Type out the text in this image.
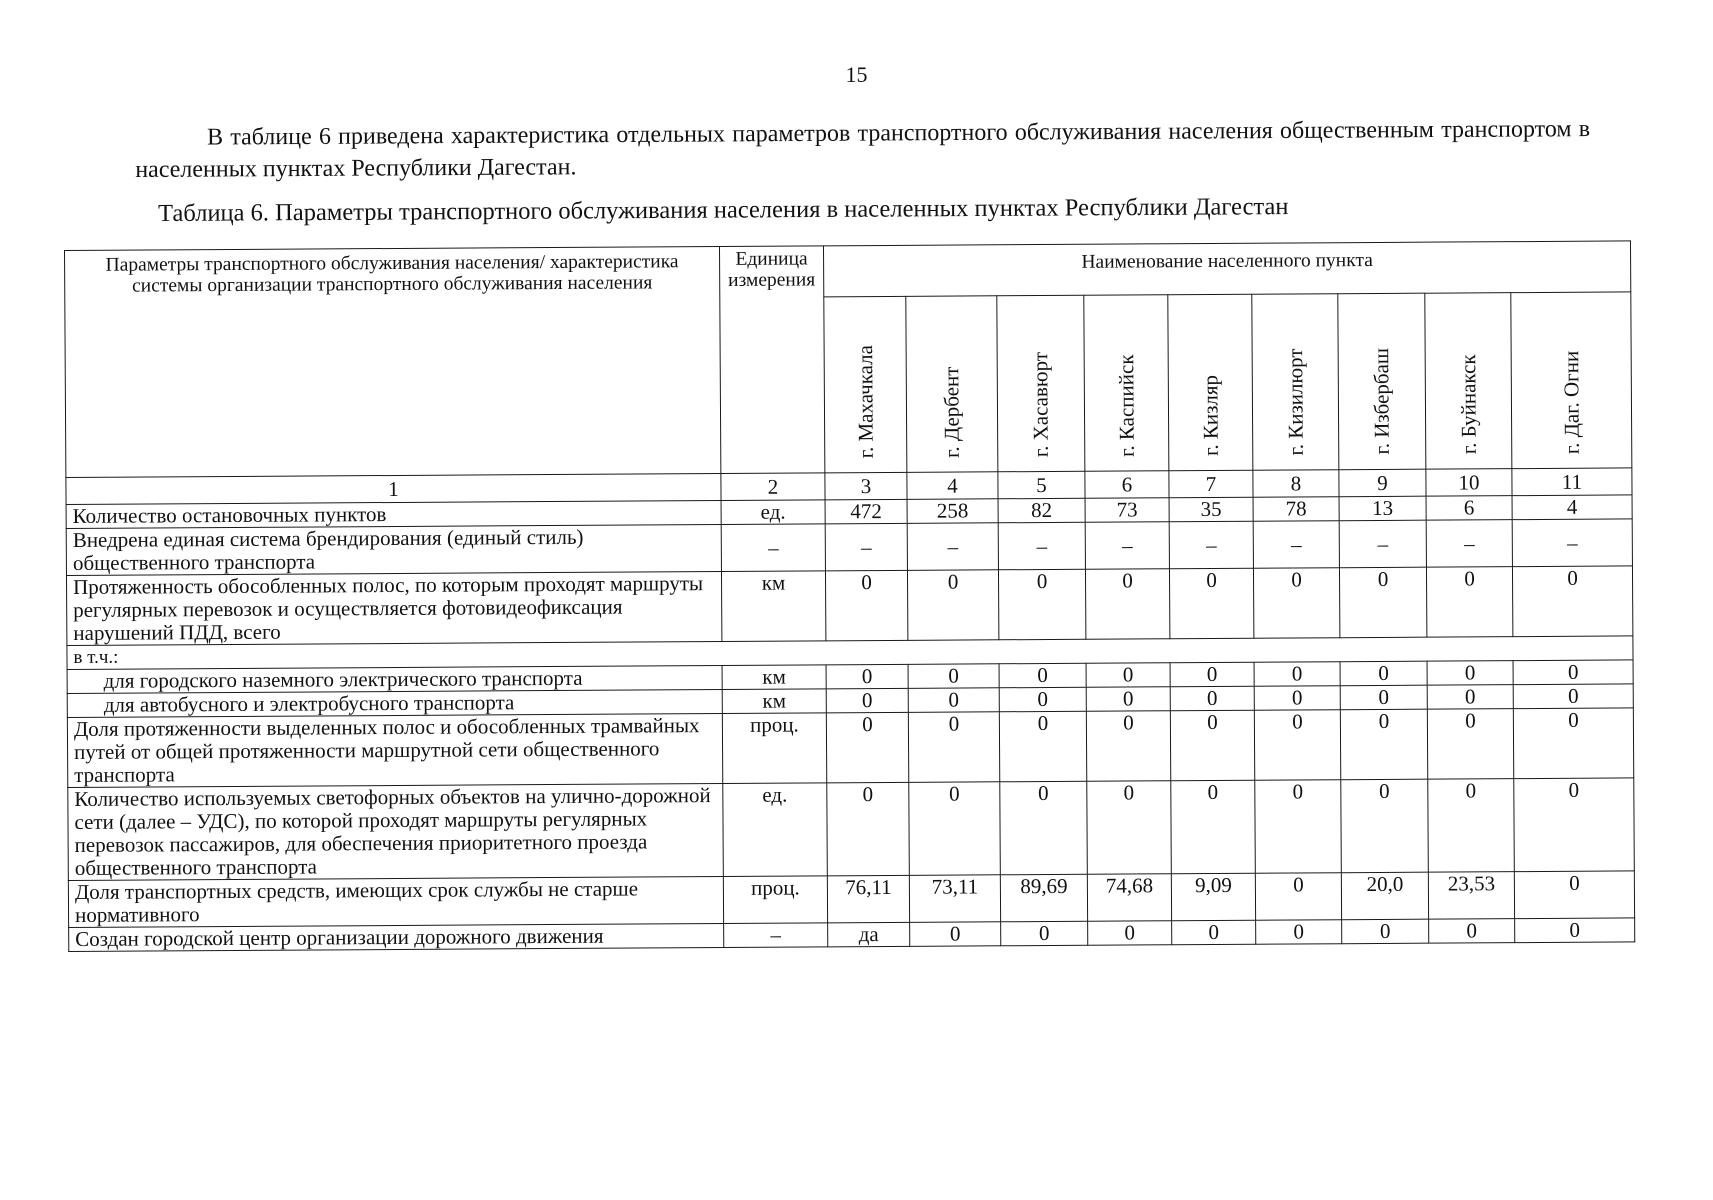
15
В таблице 6 приведена характеристика отдельных параметров транспортного обслуживания населения общественным транспортом в населенных пунктах Республики Дагестан.
Таблица 6. Параметры транспортного обслуживания населения в населенных пунктах Республики Дагестан
Параметры транспортного обслуживания населения/ характеристика системы организации транспортного обслуживания населения	Единица измерения	Наименование населенного пункта								

		г. Махачкала	г. Дербент	г. Хасавюрт	г. Каспийск	г. Кизляр	г. Кизилюрт	г. Избербаш	г. Буйнакск	г. Даг. Огни

1	2	3	4	5	6	7	8	9	10	11
Количество остановочных пунктов	ед.	472	258	82	73	35	78	13	6	4
Внедрена единая система брендирования (единый стиль) общественного транспорта	–	–	–	–	–	–	–	–	–	–
Протяженность обособленных полос, по которым проходят маршруты регулярных перевозок и осуществляется фотовидеофиксация нарушений ПДД, всего	км	0	0	0	0	0	0	0	0	0
в т.ч.:										
для городского наземного электрического транспорта	км	0	0	0	0	0	0	0	0	0
для автобусного и электробусного транспорта	км	0	0	0	0	0	0	0	0	0
Доля протяженности выделенных полос и обособленных трамвайных путей от общей протяженности маршрутной сети общественного транспорта	проц.	0	0	0	0	0	0	0	0	0
Количество используемых светофорных объектов на улично-дорожной сети (далее – УДС), по которой проходят маршруты регулярных перевозок пассажиров, для обеспечения приоритетного проезда общественного транспорта	ед.	0	0	0	0	0	0	0	0	0
Доля транспортных средств, имеющих срок службы не старше нормативного	проц.	76,11	73,11	89,69	74,68	9,09	0	20,0	23,53	0
Создан городской центр организации дорожного движения	–	да	0	0	0	0	0	0	0	0
